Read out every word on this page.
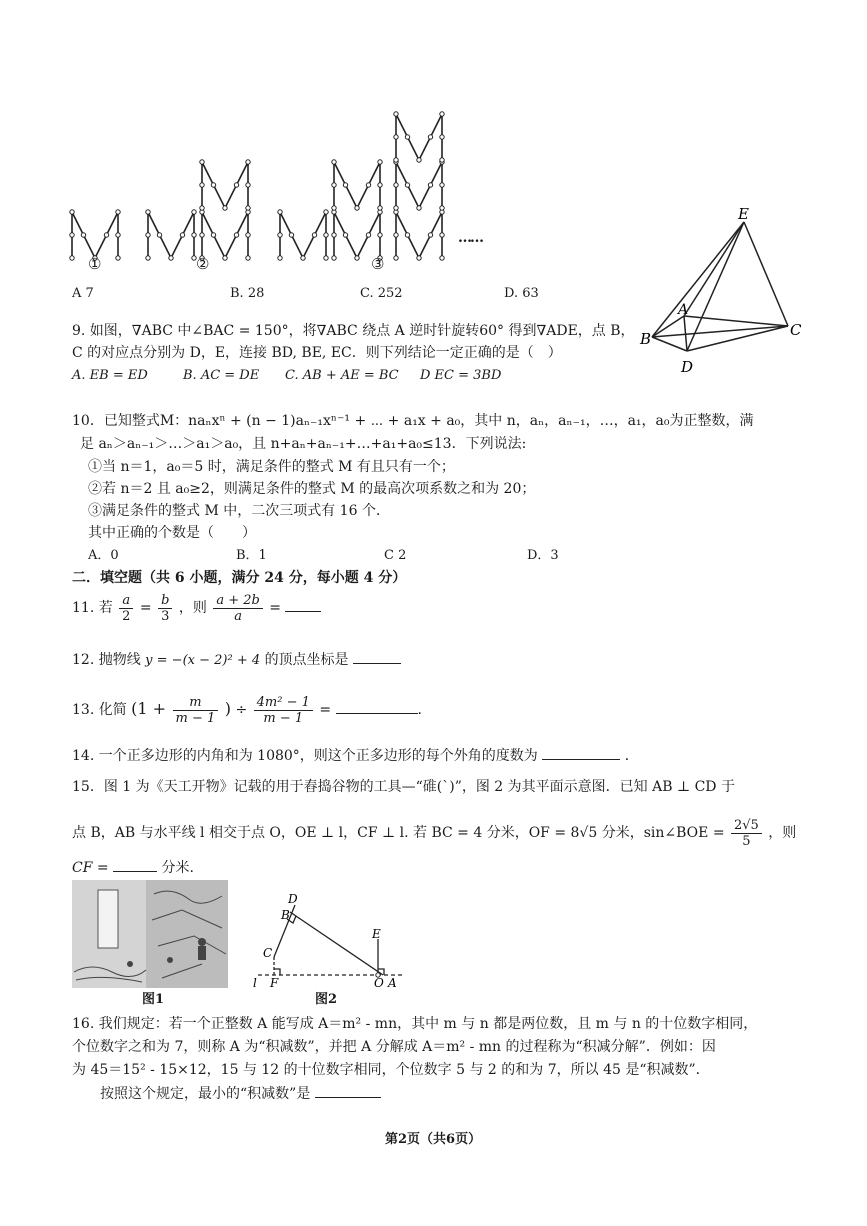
①	②	③
……
A 7	B. 28	C. 252	D. 63
E
A
B	C
D
9. 如图，∇ABC 中∠BAC = 150°，将∇ABC 绕点 A 逆时针旋转60° 得到∇ADE，点 B，
C 的对应点分别为 D，E，连接 BD, BE, EC．则下列结论一定正确的是（　）
A. EB = ED	B. AC = DE C. AB + AE = BC D EC = 3BD
10．已知整式M：naₙxⁿ + (n − 1)aₙ₋₁xⁿ⁻¹ + ⋯ + a₁x + a₀，其中 n，aₙ，aₙ₋₁，…，a₁，a₀为正整数，满
足 aₙ＞aₙ₋₁＞…＞a₁＞a₀，且 n+aₙ+aₙ₋₁+…+a₁+a₀≤13．下列说法:
①当 n＝1，a₀＝5 时，满足条件的整式 M 有且只有一个；
②若 n＝2 且 a₀≥2，则满足条件的整式 M 的最高次项系数之和为 20；
③满足条件的整式 M 中，二次三项式有 16 个．
其中正确的个数是（　　）
A．0	B．1	C 2	D．3
二．填空题（共 6 小题，满分 24 分，每小题 4 分）
11. 若 $\frac{a}{2} = \frac{b}{3}$ ，则 $\frac{a + 2b}{a}$ =
12. 抛物线 y = −(x − 2)² + 4 的顶点坐标是
13. 化简 ($1 + \frac{m}{m - 1}$ ) ÷ $\frac{\text{4m² − 1}}{m - 1}$ =	.
14. 一个正多边形的内角和为 1080°，则这个正多边形的每个外角的度数为	．
15．图 1 为《天工开物》记载的用于舂捣谷物的工具—“碓(`)”，图 2 为其平面示意图．已知 AB ⊥ CD 于
点 B，AB 与水平线 l 相交于点 O，OE ⊥ l，CF ⊥ l. 若 BC = 4 分米，OF = 8√5 分米，sin∠BOE = $\frac{2√5}{5}$ ，则
CF =	分米.
图1
D
B
C
E
l F	O A
图2
16. 我们规定：若一个正整数 A 能写成 A＝m² - mn，其中 m 与 n 都是两位数，且 m 与 n 的十位数字相同，
个位数字之和为 7，则称 A 为“积减数”，并把 A 分解成 A＝m² - mn 的过程称为“积减分解”．例如：因
为 45＝15² - 15×12，15 与 12 的十位数字相同，个位数字 5 与 2 的和为 7，所以 45 是“积减数”．
按照这个规定，最小的“积减数”是
第2页（共6页）
